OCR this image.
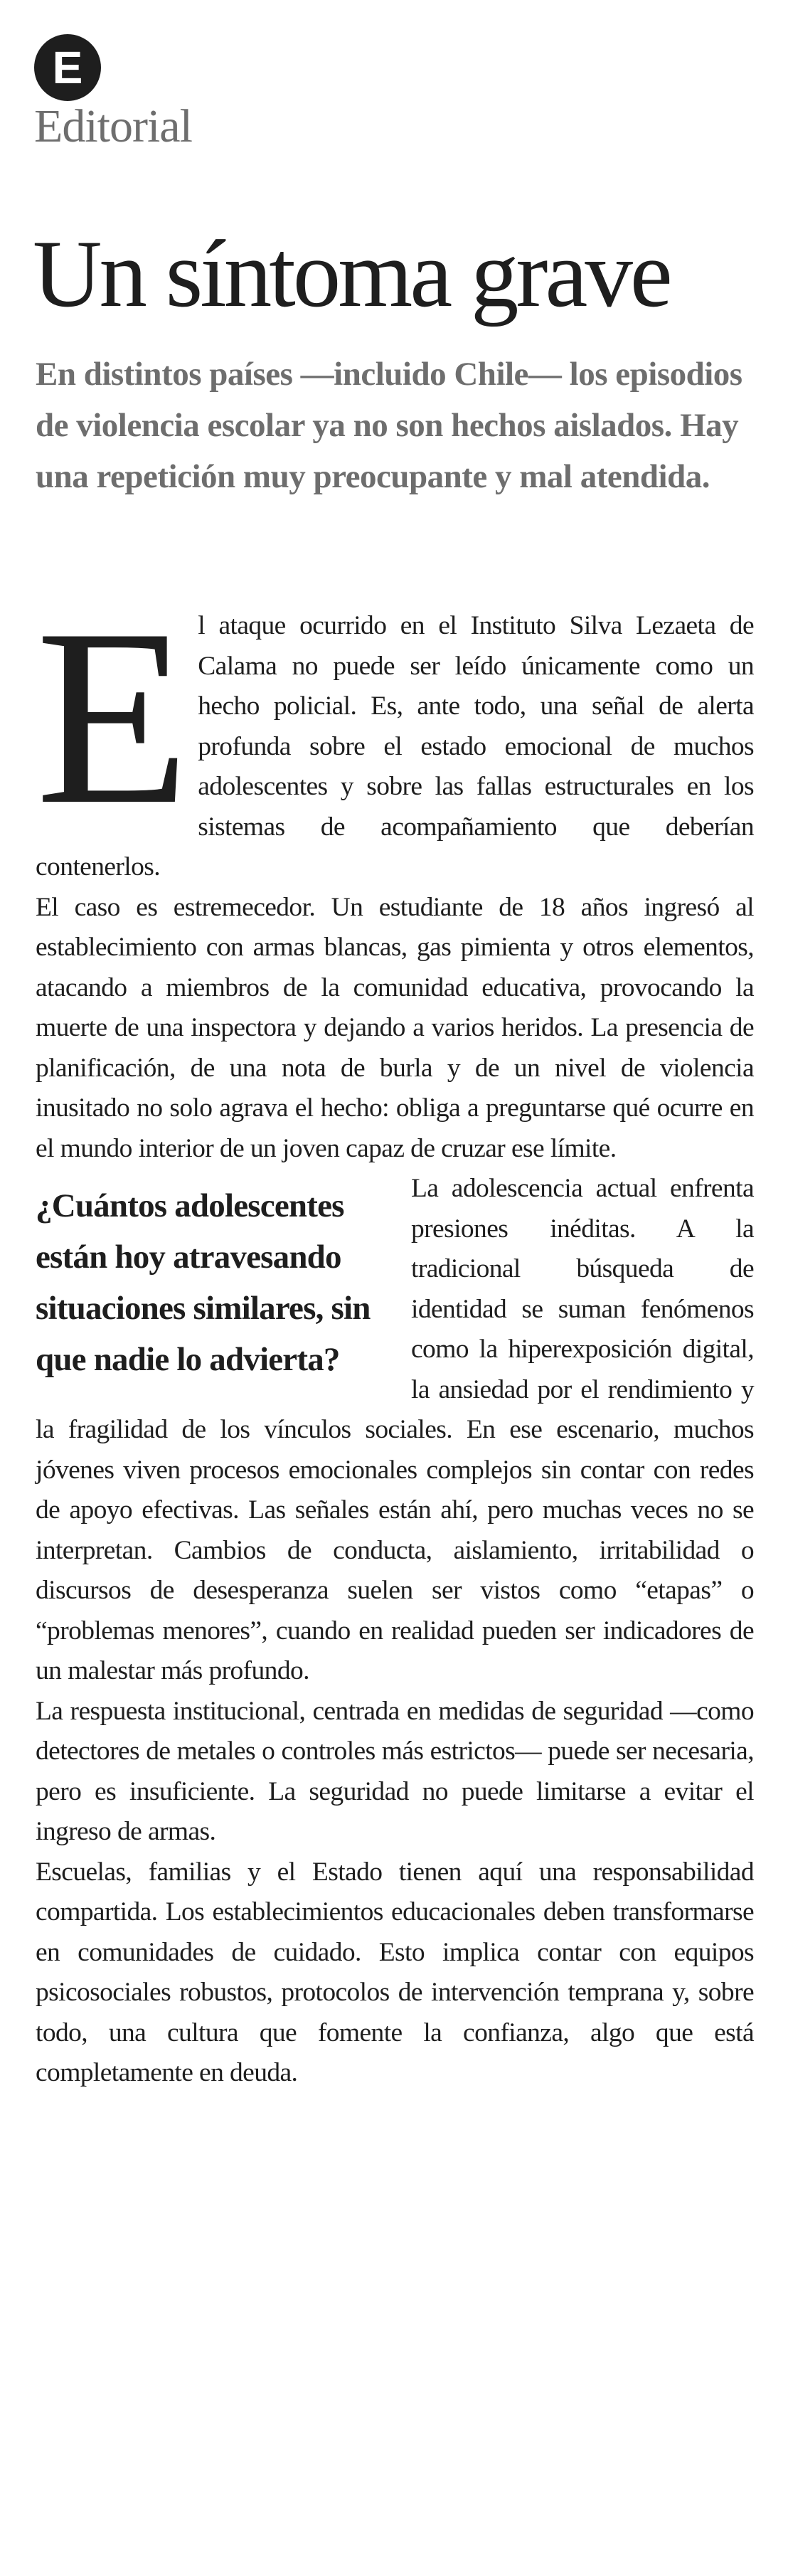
E
Editorial
Un síntoma grave

En distintos países —incluido Chile— los episodios de violencia escolar ya no son hechos aislados. Hay una repetición muy preocupante y mal atendida.

E l ataque ocurrido en el Instituto Silva Lezaeta de Calama no puede ser leído únicamente como un hecho policial. Es, ante todo, una señal de alerta profunda sobre el estado emocional de muchos adolescentes y sobre las fallas estructurales en los sistemas de acompañamiento que deberían contenerlos.

El caso es estremecedor. Un estudiante de 18 años ingresó al establecimiento con armas blancas, gas pimienta y otros elementos, atacando a miembros de la comunidad educativa, provocando la muerte de una inspectora y dejando a varios heridos. La presencia de planificación, de una nota de burla y de un nivel de violencia inusitado no solo agrava el hecho: obliga a preguntarse qué ocurre en el mundo interior de un joven capaz de cruzar ese límite.

¿Cuántos adolescentes están hoy atravesando situaciones similares, sin que nadie lo advierta?
La adolescencia actual enfrenta presiones inéditas. A la tradicional búsqueda de identidad se suman fenómenos como la hiperexposición digital, la ansiedad por el rendimiento y la fragilidad de los vínculos sociales. En ese escenario, muchos jóvenes viven procesos emocionales complejos sin contar con redes de apoyo efectivas. Las señales están ahí, pero muchas veces no se interpretan. Cambios de conducta, aislamiento, irritabilidad o discursos de desesperanza suelen ser vistos como “etapas” o “problemas menores”, cuando en realidad pueden ser indicadores de un malestar más profundo.

La respuesta institucional, centrada en medidas de seguridad —como detectores de metales o controles más estrictos— puede ser necesaria, pero es insuficiente. La seguridad no puede limitarse a evitar el ingreso de armas.

Escuelas, familias y el Estado tienen aquí una responsabilidad compartida. Los establecimientos educacionales deben transformarse en comunidades de cuidado. Esto implica contar con equipos psicosociales robustos, protocolos de intervención temprana y, sobre todo, una cultura que fomente la confianza, algo que está completamente en deuda.
